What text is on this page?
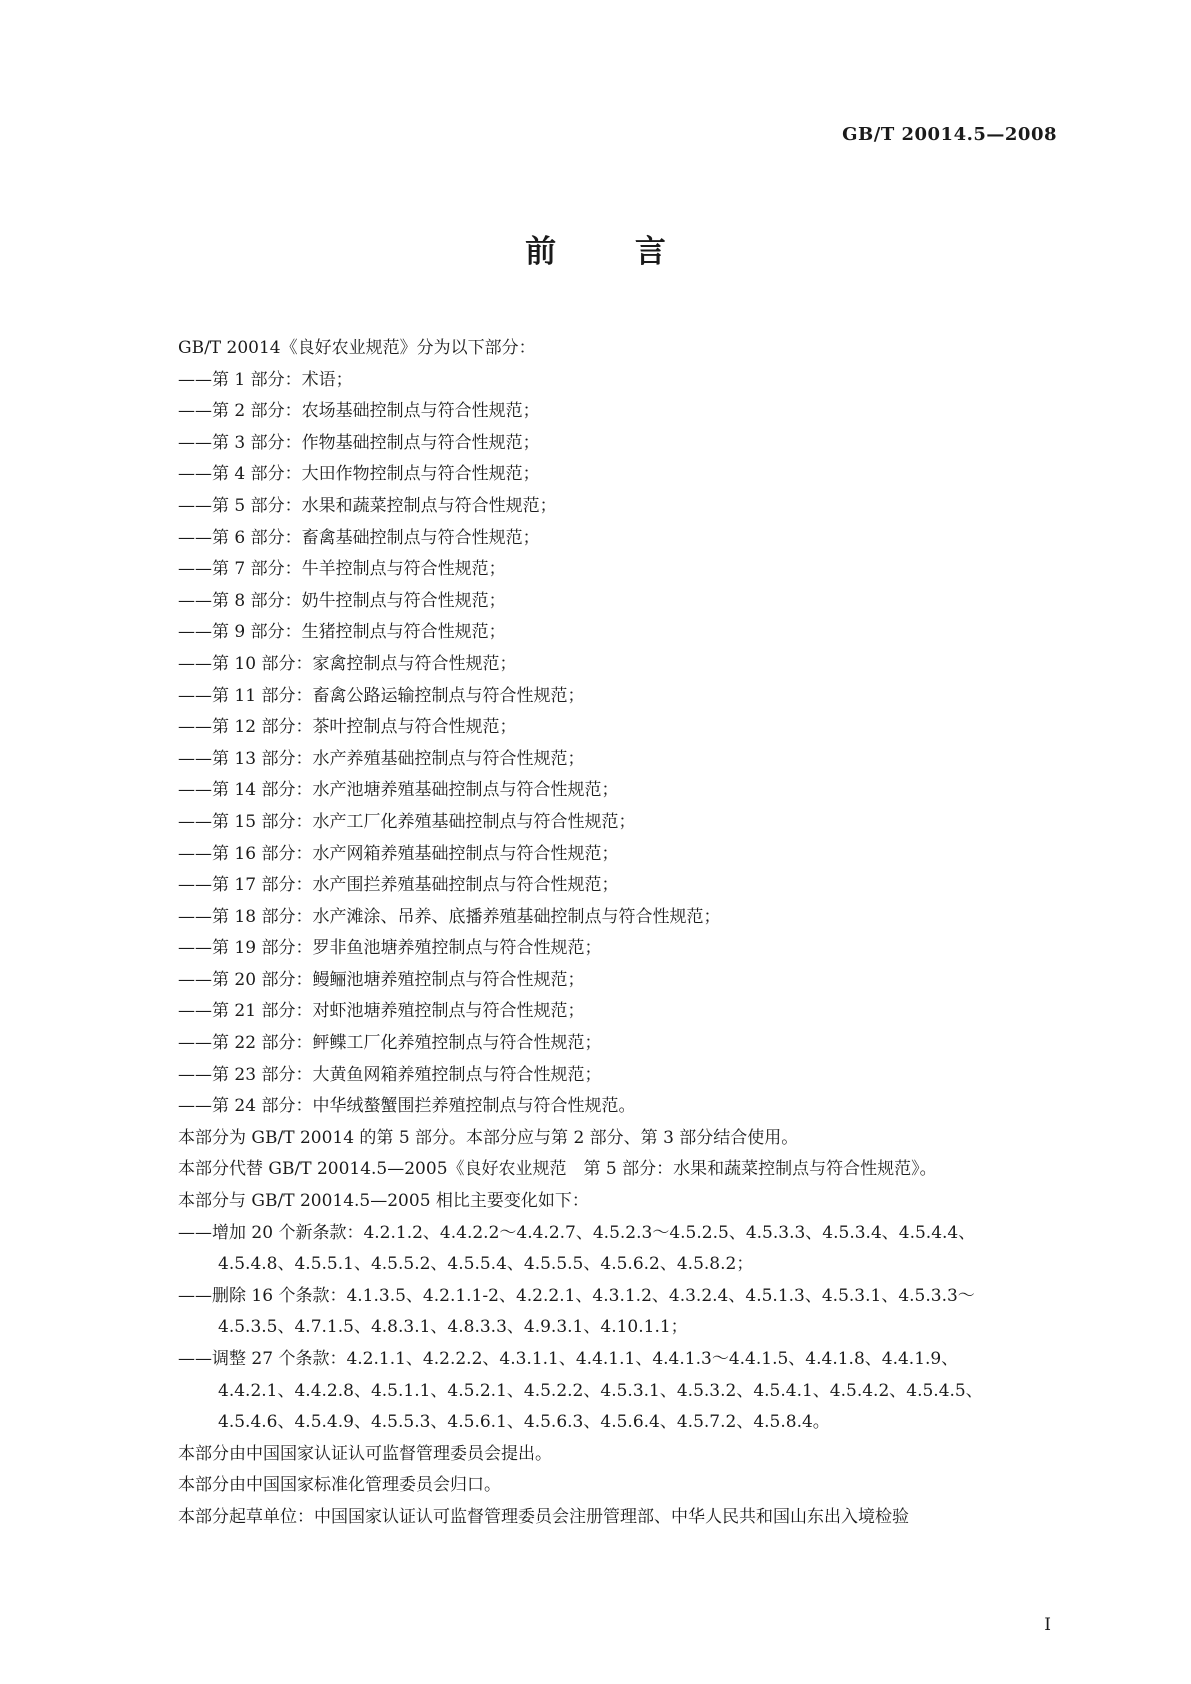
GB/T 20014.5—2008
前 言
GB/T 20014《良好农业规范》分为以下部分：
——第 1 部分：术语；
——第 2 部分：农场基础控制点与符合性规范；
——第 3 部分：作物基础控制点与符合性规范；
——第 4 部分：大田作物控制点与符合性规范；
——第 5 部分：水果和蔬菜控制点与符合性规范；
——第 6 部分：畜禽基础控制点与符合性规范；
——第 7 部分：牛羊控制点与符合性规范；
——第 8 部分：奶牛控制点与符合性规范；
——第 9 部分：生猪控制点与符合性规范；
——第 10 部分：家禽控制点与符合性规范；
——第 11 部分：畜禽公路运输控制点与符合性规范；
——第 12 部分：茶叶控制点与符合性规范；
——第 13 部分：水产养殖基础控制点与符合性规范；
——第 14 部分：水产池塘养殖基础控制点与符合性规范；
——第 15 部分：水产工厂化养殖基础控制点与符合性规范；
——第 16 部分：水产网箱养殖基础控制点与符合性规范；
——第 17 部分：水产围拦养殖基础控制点与符合性规范；
——第 18 部分：水产滩涂、吊养、底播养殖基础控制点与符合性规范；
——第 19 部分：罗非鱼池塘养殖控制点与符合性规范；
——第 20 部分：鳗鲡池塘养殖控制点与符合性规范；
——第 21 部分：对虾池塘养殖控制点与符合性规范；
——第 22 部分：鲆鲽工厂化养殖控制点与符合性规范；
——第 23 部分：大黄鱼网箱养殖控制点与符合性规范；
——第 24 部分：中华绒螯蟹围拦养殖控制点与符合性规范。
本部分为 GB/T 20014 的第 5 部分。本部分应与第 2 部分、第 3 部分结合使用。
本部分代替 GB/T 20014.5—2005《良好农业规范　第 5 部分：水果和蔬菜控制点与符合性规范》。
本部分与 GB/T 20014.5—2005 相比主要变化如下：
——增加 20 个新条款：4.2.1.2、4.4.2.2～4.4.2.7、4.5.2.3～4.5.2.5、4.5.3.3、4.5.3.4、4.5.4.4、
4.5.4.8、4.5.5.1、4.5.5.2、4.5.5.4、4.5.5.5、4.5.6.2、4.5.8.2；
——删除 16 个条款：4.1.3.5、4.2.1.1-2、4.2.2.1、4.3.1.2、4.3.2.4、4.5.1.3、4.5.3.1、4.5.3.3～
4.5.3.5、4.7.1.5、4.8.3.1、4.8.3.3、4.9.3.1、4.10.1.1；
——调整 27 个条款：4.2.1.1、4.2.2.2、4.3.1.1、4.4.1.1、4.4.1.3～4.4.1.5、4.4.1.8、4.4.1.9、
4.4.2.1、4.4.2.8、4.5.1.1、4.5.2.1、4.5.2.2、4.5.3.1、4.5.3.2、4.5.4.1、4.5.4.2、4.5.4.5、
4.5.4.6、4.5.4.9、4.5.5.3、4.5.6.1、4.5.6.3、4.5.6.4、4.5.7.2、4.5.8.4。
本部分由中国国家认证认可监督管理委员会提出。
本部分由中国国家标准化管理委员会归口。
本部分起草单位：中国国家认证认可监督管理委员会注册管理部、中华人民共和国山东出入境检验
I
